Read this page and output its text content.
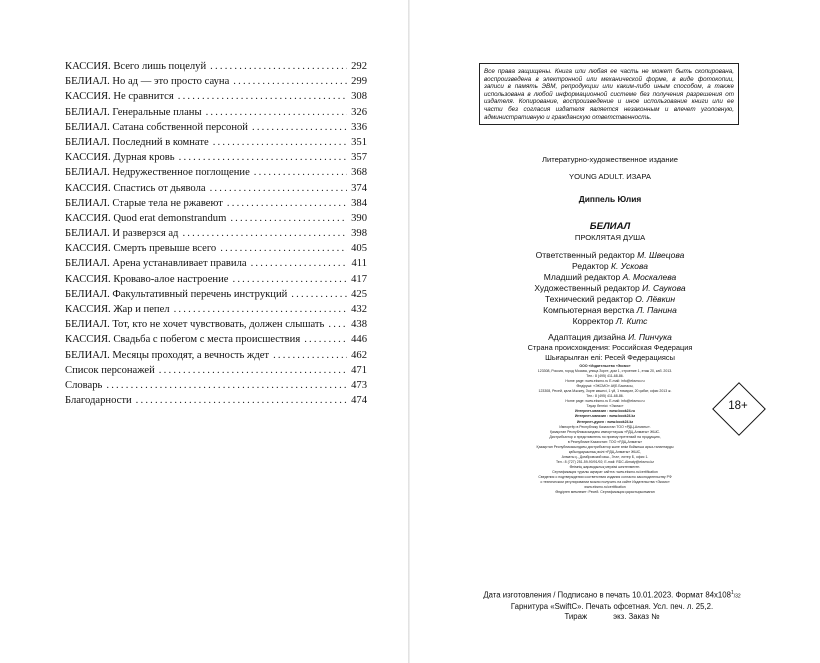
КАССИЯ. Всего лишь поцелуй .....	292
БЕЛИАЛ. Но ад — это просто сауна .....	299
КАССИЯ. Не сравнится .....	308
БЕЛИАЛ. Генеральные планы .....	326
БЕЛИАЛ. Сатана собственной персоной .....	336
БЕЛИАЛ. Последний в комнате .....	351
КАССИЯ. Дурная кровь .....	357
БЕЛИАЛ. Недружественное поглощение .....	368
КАССИЯ. Спастись от дьявола .....	374
БЕЛИАЛ. Старые тела не ржавеют .....	384
КАССИЯ. Quod erat demonstrandum .....	390
БЕЛИАЛ. И разверзся ад .....	398
КАССИЯ. Смерть превыше всего .....	405
БЕЛИАЛ. Арена устанавливает правила .....	411
КАССИЯ. Кроваво-алое настроение .....	417
БЕЛИАЛ. Факультативный перечень инструкций .....	425
КАССИЯ. Жар и пепел .....	432
БЕЛИАЛ. Тот, кто не хочет чувствовать, должен слышать .....	438
КАССИЯ. Свадьба с побегом с места происшествия .....	446
БЕЛИАЛ. Месяцы проходят, а вечность ждет .....	462
Список персонажей .....	471
Словарь .....	473
Благодарности .....	474
Все права защищены. Книга или любая ее часть не может быть скопирована, воспроизведена в электронной или механической форме, в виде фотокопии, записи в память ЭВМ, репродукции или каким-либо иным способом, а также использована в любой информационной системе без получения разрешения от издателя. Копирование, воспроизведение и иное использование книги или ее части без согласия издателя является незаконным и влечет уголовную, административную и гражданскую ответственность.
Литературно-художественное издание
YOUNG ADULT. ИЗАРА
Диппель Юлия
БЕЛИАЛ
ПРОКЛЯТАЯ ДУША
Ответственный редактор М. Швецова
Редактор К. Ускова
Младший редактор А. Москалева
Художественный редактор И. Саукова
Технический редактор О. Лёвкин
Компьютерная верстка Л. Панина
Корректор Л. Китс
Адаптация дизайна И. Пинчука
Страна происхождения: Российская Федерация
Шығарылған елі: Ресей Федерациясы
ООО «Издательство «Эксмо»
123308, Россия, город Москва, улица Зорге, дом 1, строение 1, этаж 20, каб. 2013.
Тел.: 8 (495) 411-68-86.
Home page: www.eksmo.ru E-mail: info@eksmo.ru
Өндіруші: «ЭКСМО» АҚБ Баспасы,
123308, Ресей, қала Мәскеу, Зорге көшесі, 1 үй, 1 ғимарат, 20 қабат, офис 2013 ж.
Тел.: 8 (495) 411-68-86.
Home page: www.eksmo.ru E-mail: info@eksmo.ru
Тауар белгісі: «Эксмо»
Интернет-магазин : www.book24.ru
Интернет-магазин : www.book24.kz
Интернет-дүкен : www.book24.kz
Импортёр в Республику Казахстан ТОО «РДЦ-Алматы».
Қазақстан Республикасындағы импорттаушы «РДЦ-Алматы» ЖШС.
Дистрибьютор и представитель по приему претензий на продукцию,
в Республике Казахстан: ТОО «РДЦ-Алматы»
Қазақстан Республикасындағы дистрибьютор және өнім бойынша арыз-талаптарды
қабылдаушының өкілі «РДЦ-Алматы» ЖШС,
Алматы қ., Домбровский көш., 3«а», литер Б, офис 1.
Тел.: 8 (727) 251-59-90/91/92; E-mail: RDC-Almaty@eksmo.kz
Өнімнің жарамдылық мерзімі шектелмеген.
Сертификация туралы ақпарат сайтта: www.eksmo.ru/certification
Сведения о подтверждении соответствия издания согласно законодательству РФ
о техническом регулировании можно получить на сайте Издательства «Эксмо»
www.eksmo.ru/certification
Өндірген мемлекет: Ресей. Сертификация қарастырылмаған
18+
Дата изготовления / Подписано в печать 10.01.2023. Формат $84х108^1/32$
Гарнитура «SwiftC». Печать офсетная. Усл. печ. л. 25,2.
Тираж            экз. Заказ №
